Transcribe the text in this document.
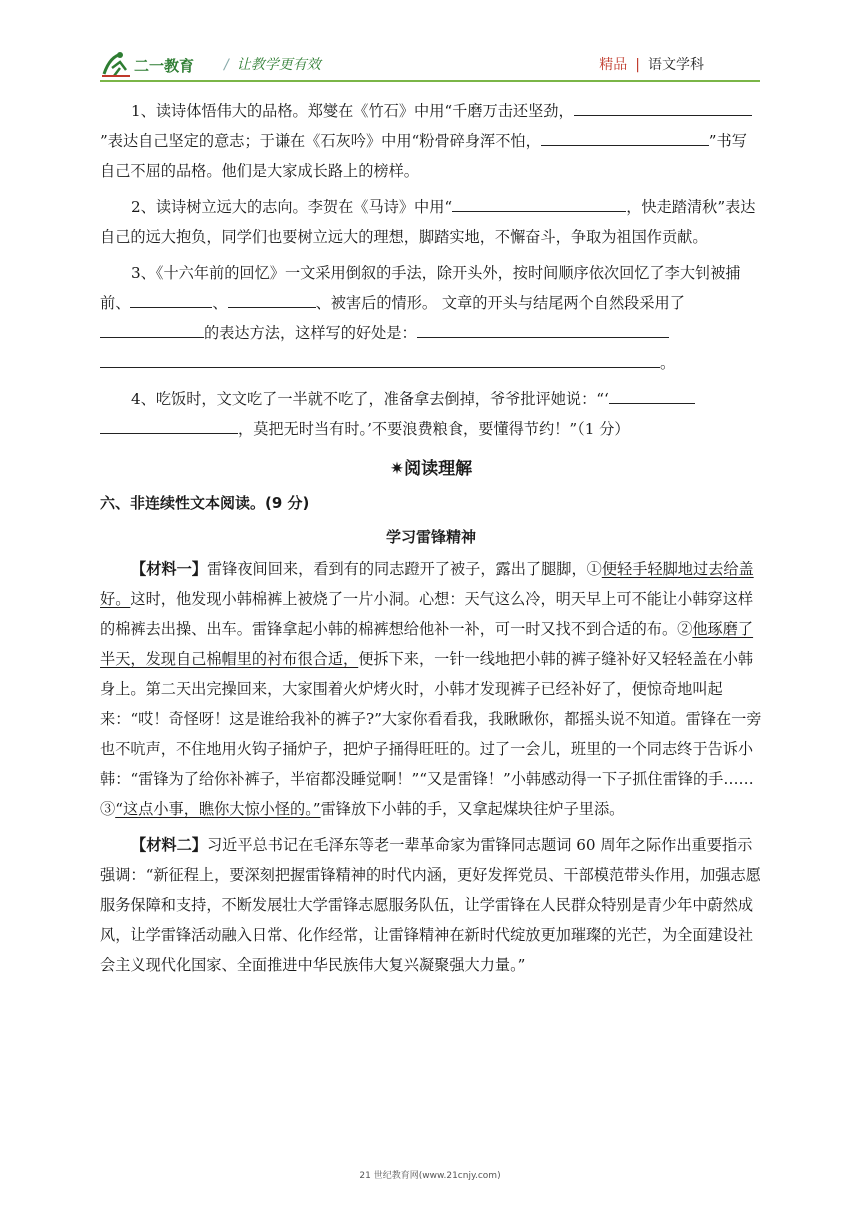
二一教育 / 让教学更有效	精品 | 语文学科

1、读诗体悟伟大的品格。郑燮在《竹石》中用“千磨万击还坚劲，”表达自己坚定的意志；于谦在《石灰吟》中用“粉骨碎身浑不怕，	”书写自己不屈的品格。他们是大家成长路上的榜样。

2、读诗树立远大的志向。李贺在《马诗》中用“	，快走踏清秋”表达自己的远大抱负，同学们也要树立远大的理想，脚踏实地，不懈奋斗，争取为祖国作贡献。

3、《十六年前的回忆》一文采用倒叙的手法，除开头外，按时间顺序依次回忆了李大钊被捕前、	、	、被害后的情形。 文章的开头与结尾两个自然段采用了的表达方法，这样写的好处是：。

4、吃饭时，文文吃了一半就不吃了，准备拿去倒掉，爷爷批评她说：“‘，莫把无时当有时。’不要浪费粮食，要懂得节约！”（1 分）

✷阅读理解

六、非连续性文本阅读。(9 分)

学习雷锋精神

【材料一】雷锋夜间回来，看到有的同志蹬开了被子，露出了腿脚，①便轻手轻脚地过去给盖好。这时，他发现小韩棉裤上被烧了一片小洞。心想：天气这么冷，明天早上可不能让小韩穿这样的棉裤去出操、出车。雷锋拿起小韩的棉裤想给他补一补，可一时又找不到合适的布。②他琢磨了半天，发现自己棉帽里的衬布很合适，便拆下来，一针一线地把小韩的裤子缝补好又轻轻盖在小韩身上。第二天出完操回来，大家围着火炉烤火时，小韩才发现裤子已经补好了，便惊奇地叫起来：“哎！奇怪呀！这是谁给我补的裤子?”大家你看看我，我瞅瞅你，都摇头说不知道。雷锋在一旁也不吭声，不住地用火钩子捅炉子，把炉子捅得旺旺的。过了一会儿，班里的一个同志终于告诉小韩：“雷锋为了给你补裤子，半宿都没睡觉啊！”“又是雷锋！”小韩感动得一下子抓住雷锋的手……③“这点小事，瞧你大惊小怪的。”雷锋放下小韩的手，又拿起煤块往炉子里添。

【材料二】习近平总书记在毛泽东等老一辈革命家为雷锋同志题词 60 周年之际作出重要指示强调：“新征程上，要深刻把握雷锋精神的时代内涵，更好发挥党员、干部模范带头作用，加强志愿服务保障和支持，不断发展壮大学雷锋志愿服务队伍，让学雷锋在人民群众特别是青少年中蔚然成风，让学雷锋活动融入日常、化作经常，让雷锋精神在新时代绽放更加璀璨的光芒，为全面建设社会主义现代化国家、全面推进中华民族伟大复兴凝聚强大力量。”

21 世纪教育网(www.21cnjy.com)
